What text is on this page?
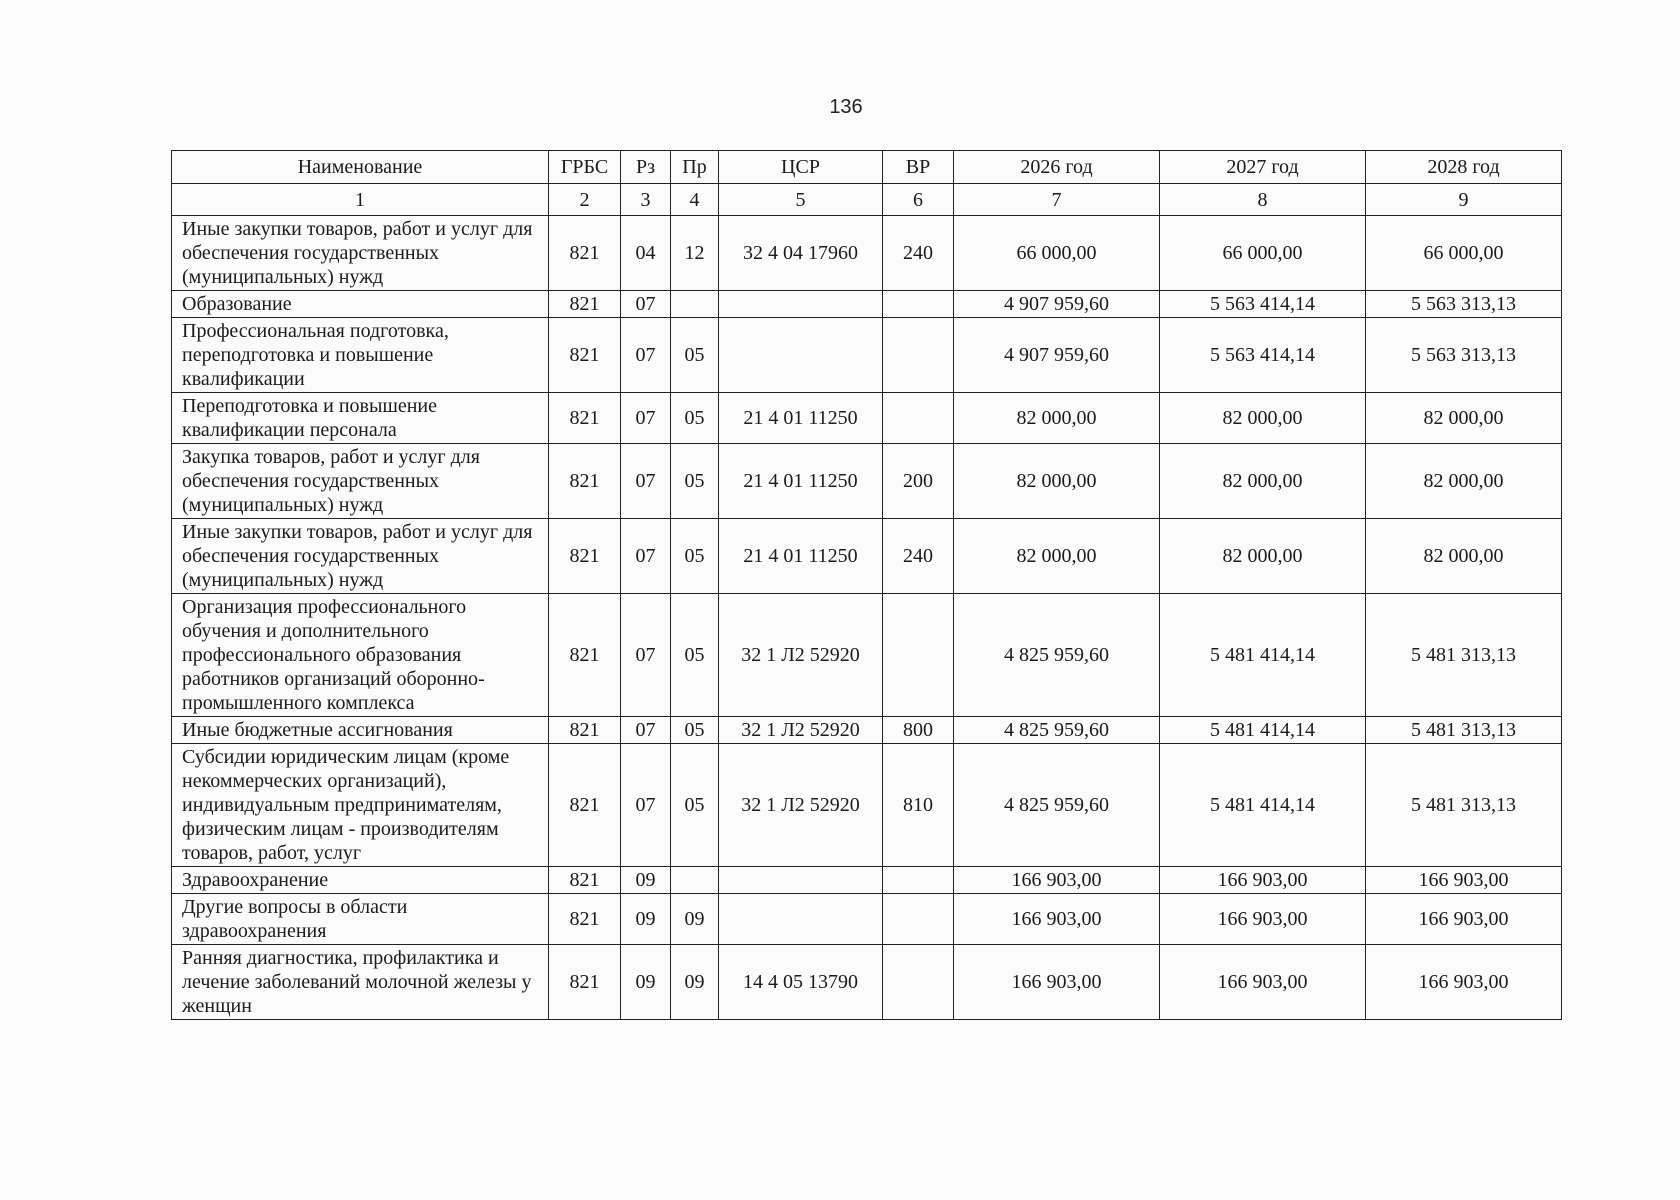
136
Наименование	ГРБС	Рз	Пр	ЦСР	ВР	2026 год	2027 год	2028 год
1	2	3	4	5	6	7	8	9
Иные закупки товаров, работ и услуг для обеспечения государственных (муниципальных) нужд	821	04	12	32 4 04 17960	240	66 000,00	66 000,00	66 000,00
Образование	821	07				4 907 959,60	5 563 414,14	5 563 313,13
Профессиональная подготовка, переподготовка и повышение квалификации	821	07	05			4 907 959,60	5 563 414,14	5 563 313,13
Переподготовка и повышение квалификации персонала	821	07	05	21 4 01 11250		82 000,00	82 000,00	82 000,00
Закупка товаров, работ и услуг для обеспечения государственных (муниципальных) нужд	821	07	05	21 4 01 11250	200	82 000,00	82 000,00	82 000,00
Иные закупки товаров, работ и услуг для обеспечения государственных (муниципальных) нужд	821	07	05	21 4 01 11250	240	82 000,00	82 000,00	82 000,00
Организация профессионального обучения и дополнительного профессионального образования работников организаций оборонно-промышленного комплекса	821	07	05	32 1 Л2 52920		4 825 959,60	5 481 414,14	5 481 313,13
Иные бюджетные ассигнования	821	07	05	32 1 Л2 52920	800	4 825 959,60	5 481 414,14	5 481 313,13
Субсидии юридическим лицам (кроме некоммерческих организаций), индивидуальным предпринимателям, физическим лицам - производителям товаров, работ, услуг	821	07	05	32 1 Л2 52920	810	4 825 959,60	5 481 414,14	5 481 313,13
Здравоохранение	821	09				166 903,00	166 903,00	166 903,00
Другие вопросы в области здравоохранения	821	09	09			166 903,00	166 903,00	166 903,00
Ранняя диагностика, профилактика и лечение заболеваний молочной железы у женщин	821	09	09	14 4 05 13790		166 903,00	166 903,00	166 903,00
